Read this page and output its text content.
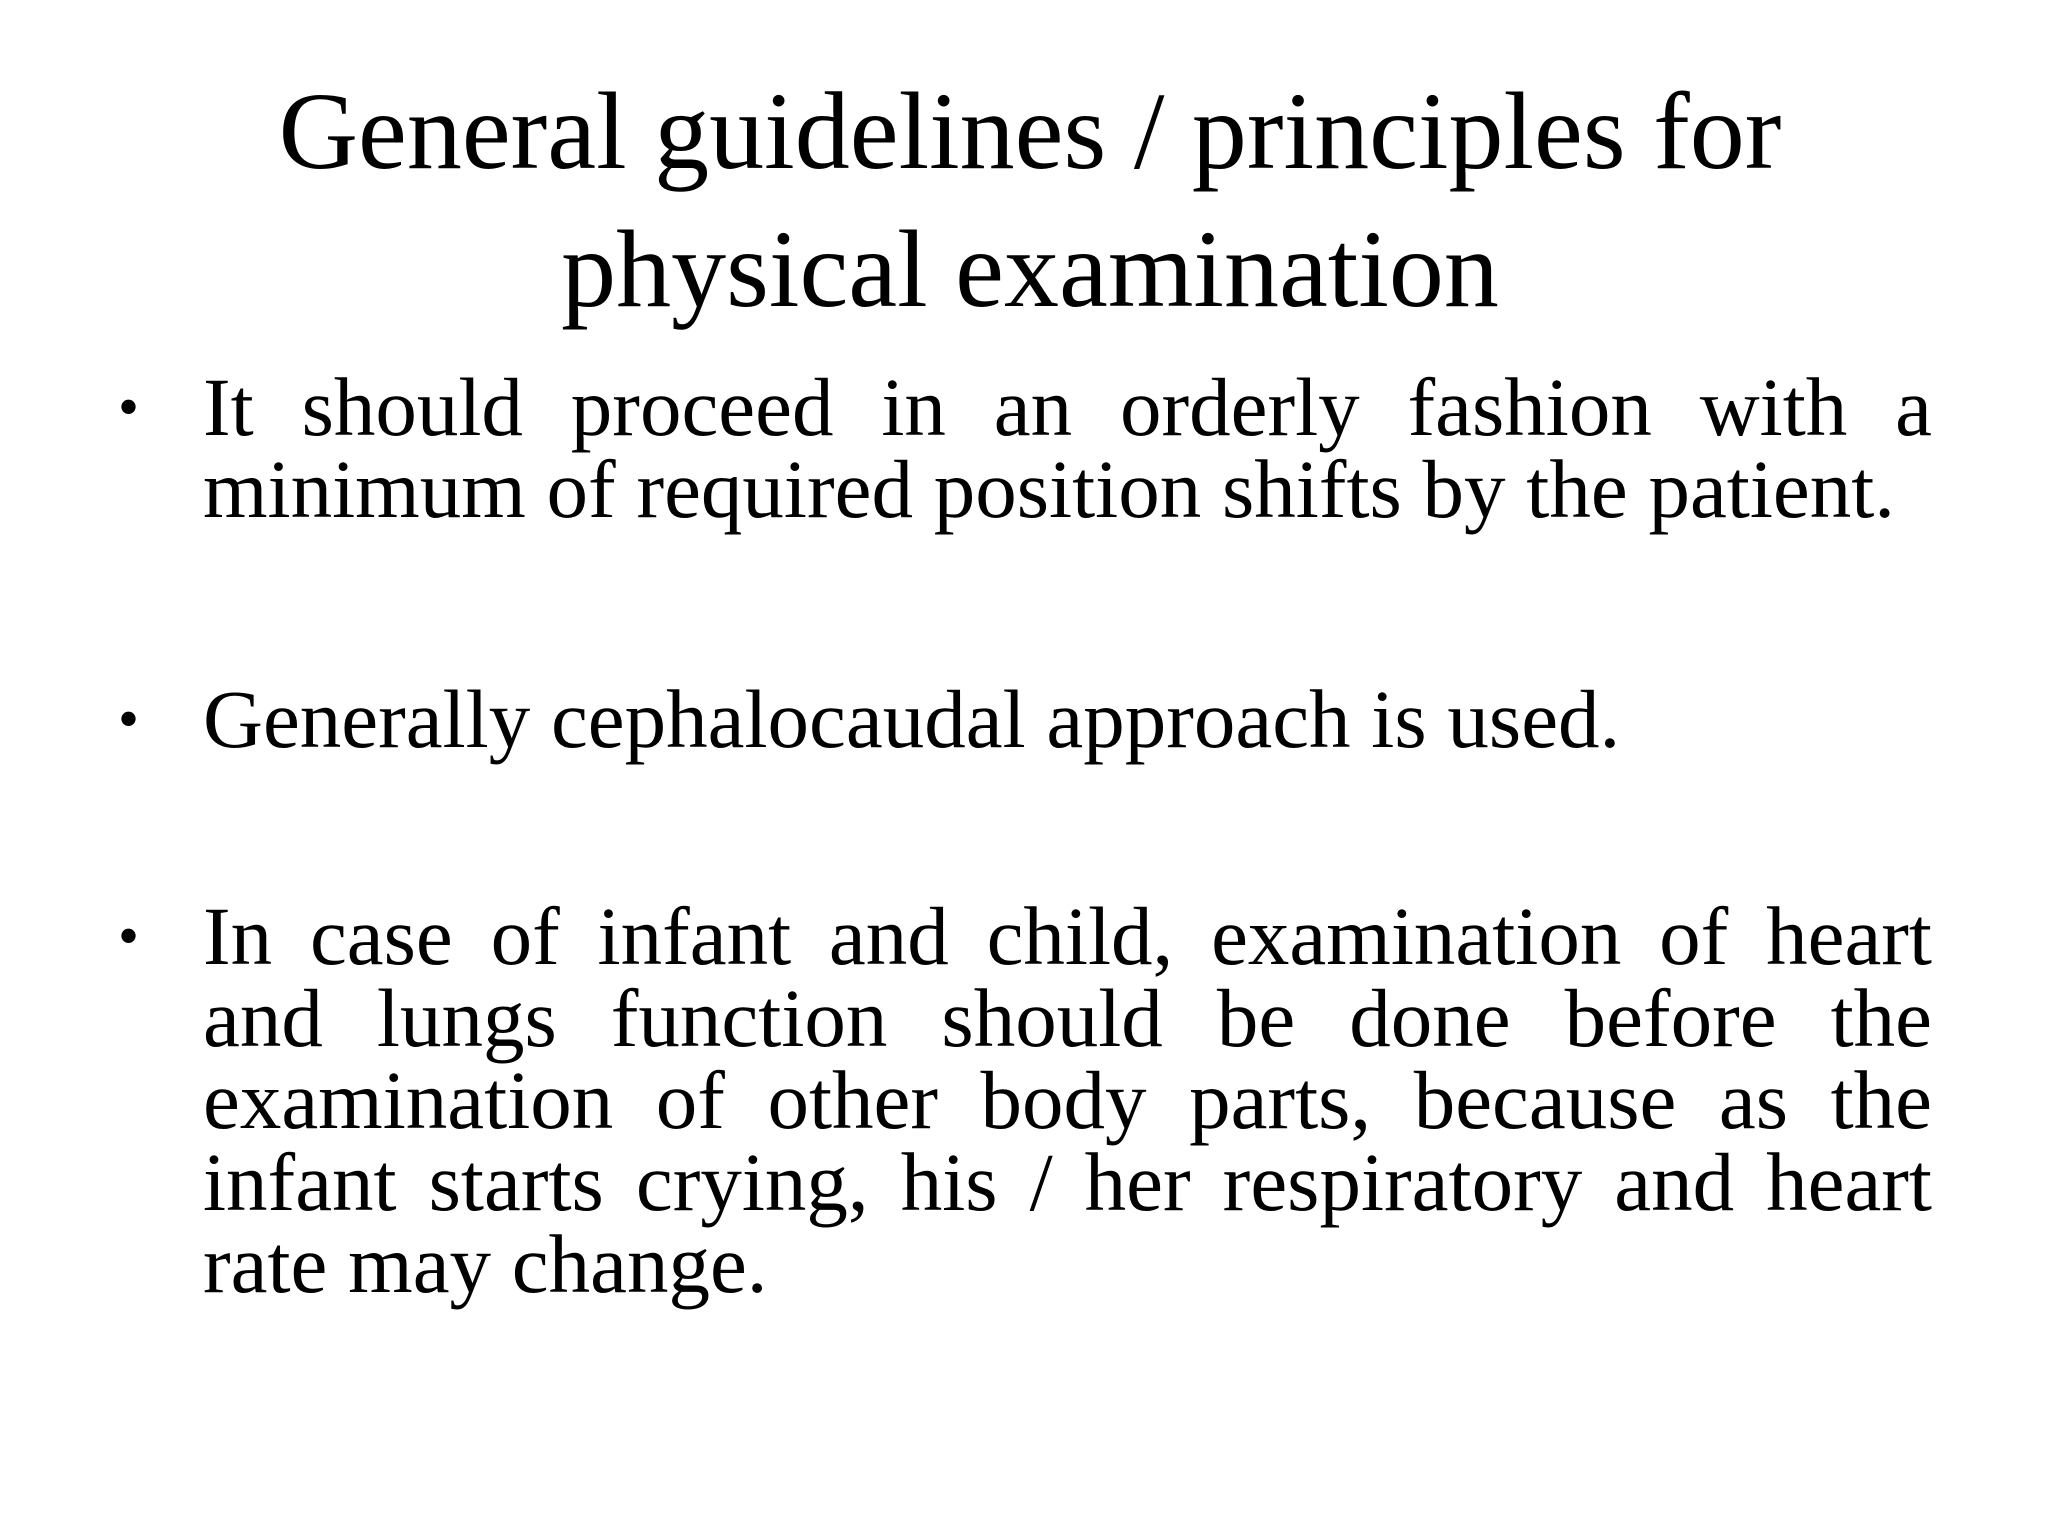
General guidelines / principles for physical examination
• It should proceed in an orderly fashion with a minimum of required position shifts by the patient.
• Generally cephalocaudal approach is used.
• In case of infant and child, examination of heart and lungs function should be done before the examination of other body parts, because as the infant starts crying, his / her respiratory and heart rate may change.
